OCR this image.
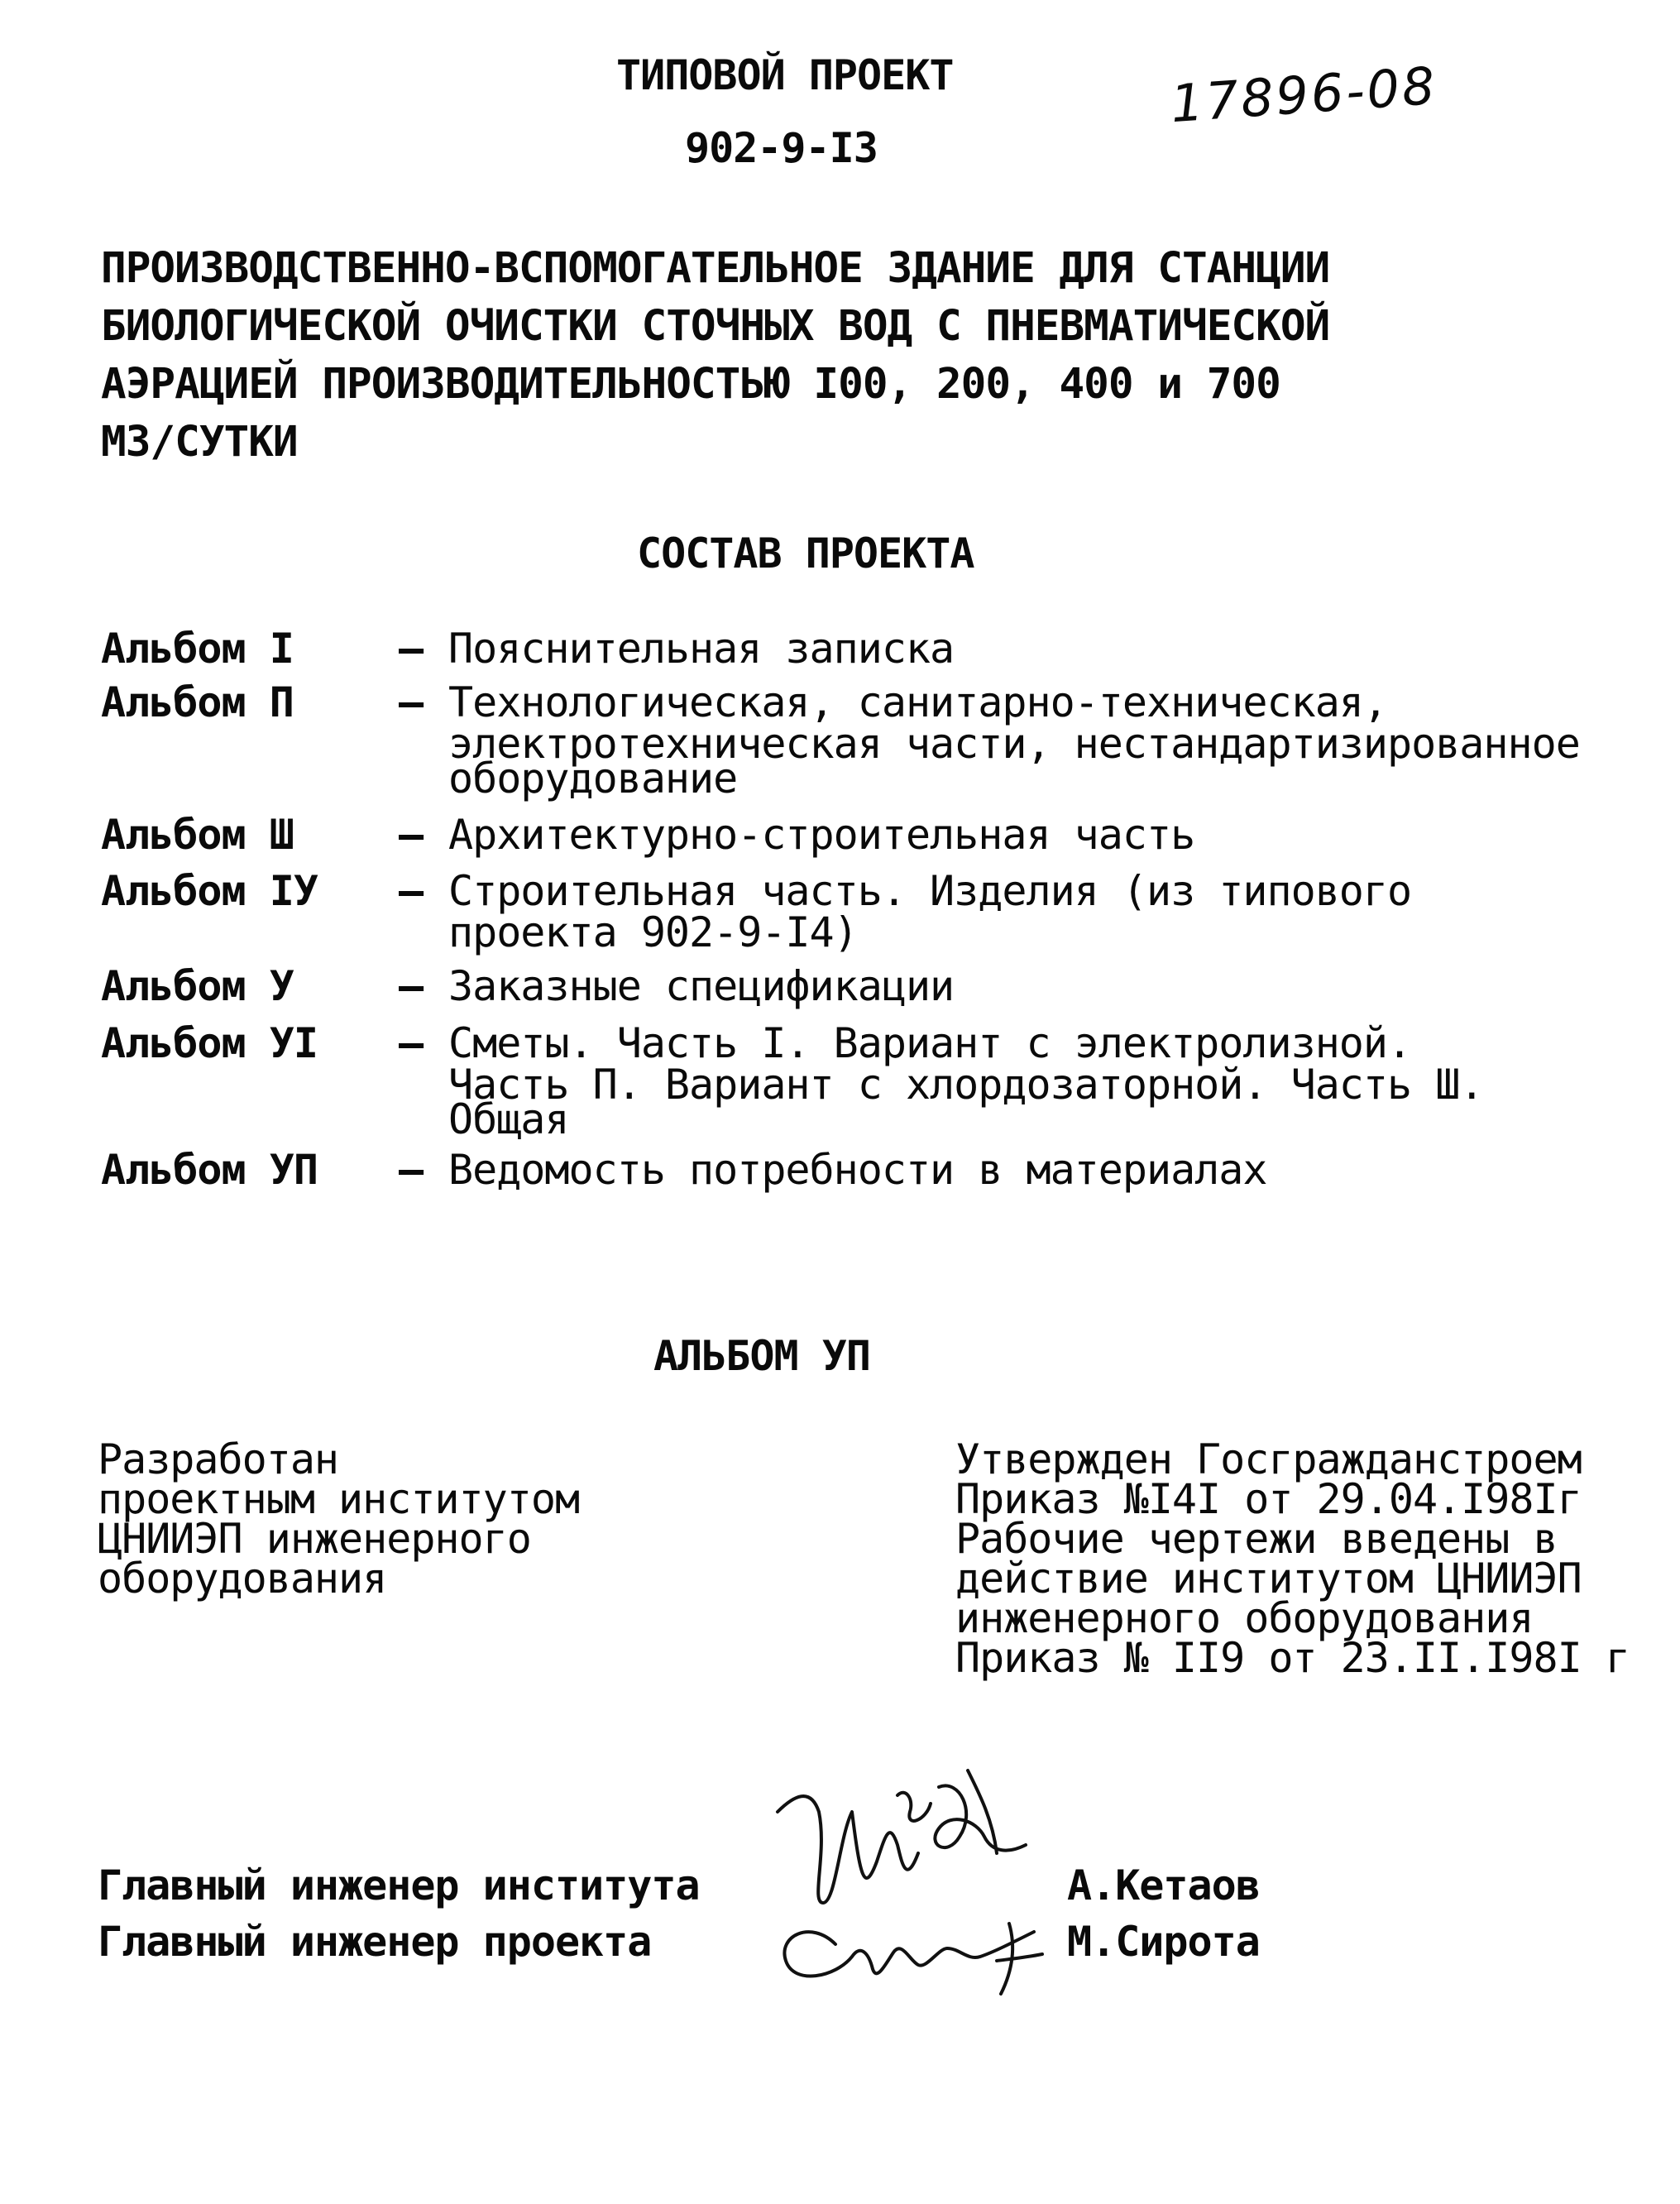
ТИПОВОЙ ПРОЕКТ
902-9-I3
17896-08
ПРОИЗВОДСТВЕННО-ВСПОМОГАТЕЛЬНОЕ ЗДАНИЕ ДЛЯ СТАНЦИИ
БИОЛОГИЧЕСКОЙ ОЧИСТКИ СТОЧНЫХ ВОД С ПНЕВМАТИЧЕСКОЙ
АЭРАЦИЕЙ ПРОИЗВОДИТЕЛЬНОСТЬЮ I00, 200, 400 и 700
М3/СУТКИ
СОСТАВ ПРОЕКТА
Альбом I	– Пояснительная записка
Альбом П	– Технологическая, санитарно-техническая,
электротехническая части, нестандартизированное
оборудование
Альбом Ш	– Архитектурно-строительная часть
Альбом IУ – Строительная часть. Изделия (из типового
проекта 902-9-I4)
Альбом У	– Заказные спецификации
Альбом УI – Сметы. Часть I. Вариант с электролизной.
Часть П. Вариант с хлордозаторной. Часть Ш.
Общая
Альбом УП – Ведомость потребности в материалах
АЛЬБОМ УП
Разработан
проектным институтом
ЦНИИЭП инженерного
оборудования
Утвержден Госгражданстроем
Приказ №I4I от 29.04.I98Iг
Рабочие чертежи введены в
действие институтом ЦНИИЭП
инженерного оборудования
Приказ № II9 от 23.II.I98I г
Главный инженер института	А.Кетаов
Главный инженер проекта	М.Сирота
